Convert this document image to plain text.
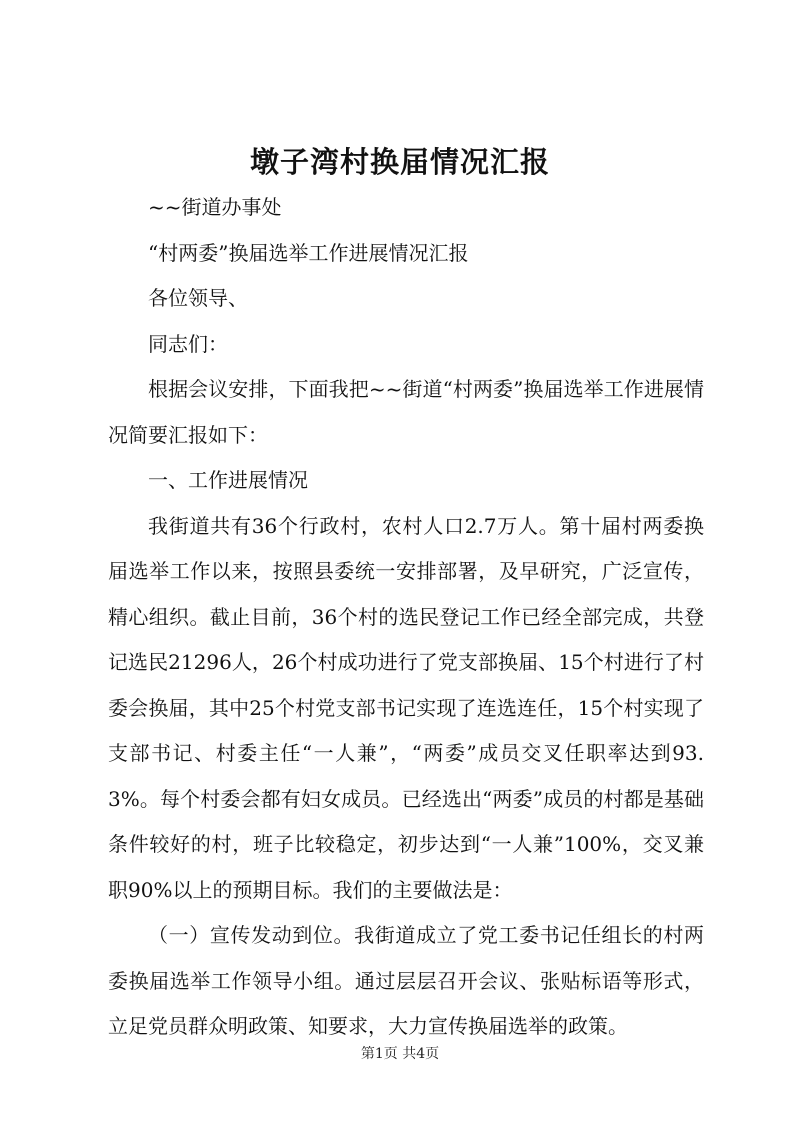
墩子湾村换届情况汇报

~~街道办事处

“村两委”换届选举工作进展情况汇报

各位领导、

同志们：

根据会议安排，下面我把~~街道“村两委”换届选举工作进展情况简要汇报如下：

一、工作进展情况

我街道共有36个行政村，农村人口2.7万人。第十届村两委换届选举工作以来，按照县委统一安排部署，及早研究，广泛宣传，精心组织。截止目前，36个村的选民登记工作已经全部完成，共登记选民21296人，26个村成功进行了党支部换届、15个村进行了村委会换届，其中25个村党支部书记实现了连选连任，15个村实现了支部书记、村委主任“一人兼”，“两委”成员交叉任职率达到93.3%。每个村委会都有妇女成员。已经选出“两委”成员的村都是基础条件较好的村，班子比较稳定，初步达到“一人兼”100%，交叉兼职90%以上的预期目标。我们的主要做法是：

（一）宣传发动到位。我街道成立了党工委书记任组长的村两委换届选举工作领导小组。通过层层召开会议、张贴标语等形式，立足党员群众明政策、知要求，大力宣传换届选举的政策。

第1页 共4页
